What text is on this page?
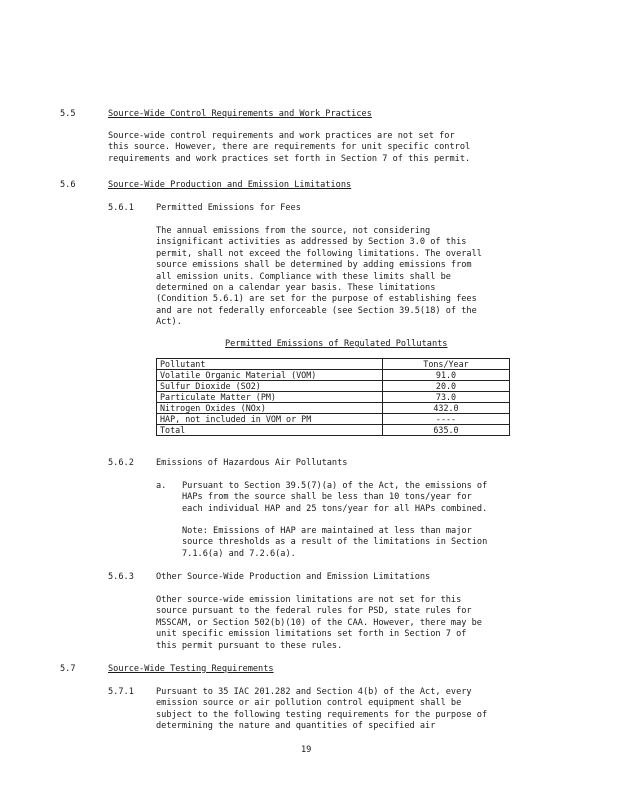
5.5	Source-Wide Control Requirements and Work Practices
Source-wide control requirements and work practices are not set for
this source. However, there are requirements for unit specific control
requirements and work practices set forth in Section 7 of this permit.
5.6	Source-Wide Production and Emission Limitations
5.6.1	Permitted Emissions for Fees
The annual emissions from the source, not considering
insignificant activities as addressed by Section 3.0 of this
permit, shall not exceed the following limitations. The overall
source emissions shall be determined by adding emissions from
all emission units. Compliance with these limits shall be
determined on a calendar year basis. These limitations
(Condition 5.6.1) are set for the purpose of establishing fees
and are not federally enforceable (see Section 39.5(18) of the
Act).
Permitted Emissions of Regulated Pollutants
Pollutant	Tons/Year
Volatile Organic Material (VOM)	91.0
Sulfur Dioxide (SO2)	20.0
Particulate Matter (PM)	73.0
Nitrogen Oxides (NOx)	432.0
HAP, not included in VOM or PM	----
Total	635.0
5.6.2	Emissions of Hazardous Air Pollutants
a. Pursuant to Section 39.5(7)(a) of the Act, the emissions of
HAPs from the source shall be less than 10 tons/year for
each individual HAP and 25 tons/year for all HAPs combined.
Note: Emissions of HAP are maintained at less than major
source thresholds as a result of the limitations in Section
7.1.6(a) and 7.2.6(a).
5.6.3	Other Source-Wide Production and Emission Limitations
Other source-wide emission limitations are not set for this
source pursuant to the federal rules for PSD, state rules for
MSSCAM, or Section 502(b)(10) of the CAA. However, there may be
unit specific emission limitations set forth in Section 7 of
this permit pursuant to these rules.
5.7	Source-Wide Testing Requirements
5.7.1	Pursuant to 35 IAC 201.282 and Section 4(b) of the Act, every
emission source or air pollution control equipment shall be
subject to the following testing requirements for the purpose of
determining the nature and quantities of specified air
19
